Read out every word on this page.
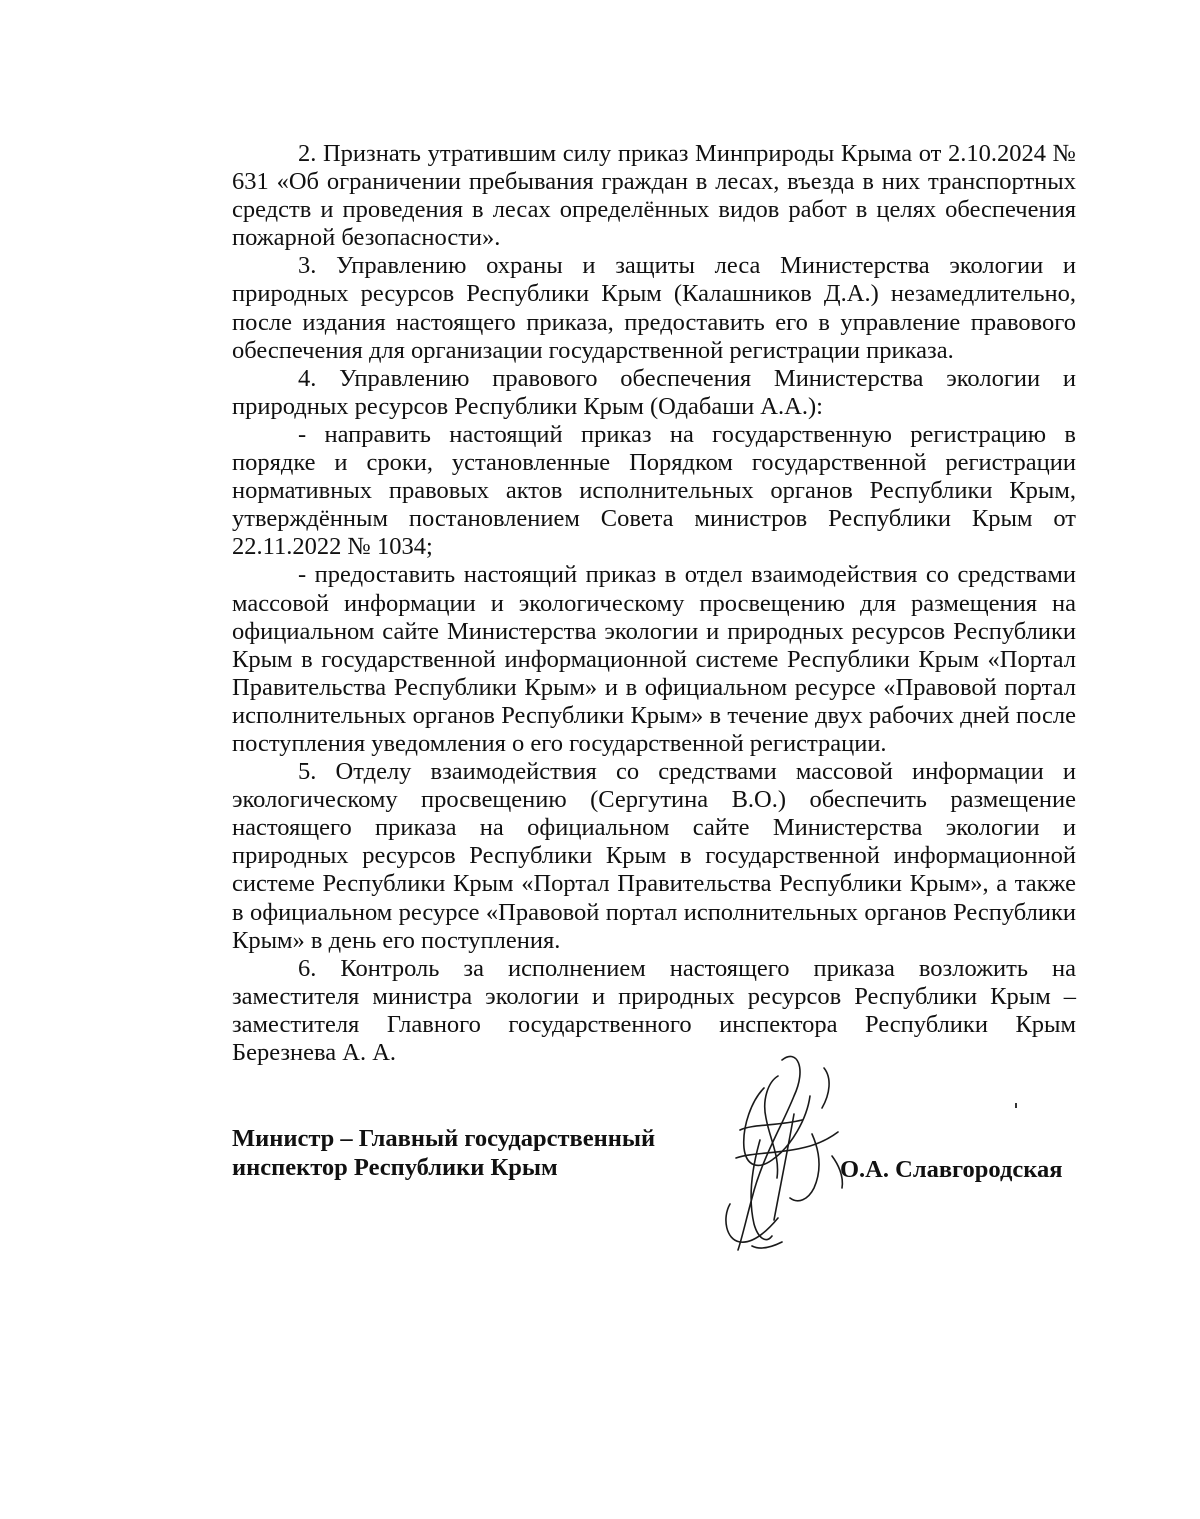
2. Признать утратившим силу приказ Минприроды Крыма от 2.10.2024 № 631 «Об ограничении пребывания граждан в лесах, въезда в них транспортных средств и проведения в лесах определённых видов работ в целях обеспечения пожарной безопасности».

3. Управлению охраны и защиты леса Министерства экологии и природных ресурсов Республики Крым (Калашников Д.А.) незамедлительно, после издания настоящего приказа, предоставить его в управление правового обеспечения для организации государственной регистрации приказа.

4. Управлению правового обеспечения Министерства экологии и природных ресурсов Республики Крым (Одабаши А.А.):

- направить настоящий приказ на государственную регистрацию в порядке и сроки, установленные Порядком государственной регистрации нормативных правовых актов исполнительных органов Республики Крым, утверждённым постановлением Совета министров Республики Крым от 22.11.2022 № 1034;

- предоставить настоящий приказ в отдел взаимодействия со средствами массовой информации и экологическому просвещению для размещения на официальном сайте Министерства экологии и природных ресурсов Республики Крым в государственной информационной системе Республики Крым «Портал Правительства Республики Крым» и в официальном ресурсе «Правовой портал исполнительных органов Республики Крым» в течение двух рабочих дней после поступления уведомления о его государственной регистрации.

5. Отделу взаимодействия со средствами массовой информации и экологическому просвещению (Сергутина В.О.) обеспечить размещение настоящего приказа на официальном сайте Министерства экологии и природных ресурсов Республики Крым в государственной информационной системе Республики Крым «Портал Правительства Республики Крым», а также в официальном ресурсе «Правовой портал исполнительных органов Республики Крым» в день его поступления.

6. Контроль за исполнением настоящего приказа возложить на заместителя министра экологии и природных ресурсов Республики Крым – заместителя Главного государственного инспектора Республики Крым Березнева А. А.

Министр – Главный государственный
инспектор Республики Крым	О.А. Славгородская
